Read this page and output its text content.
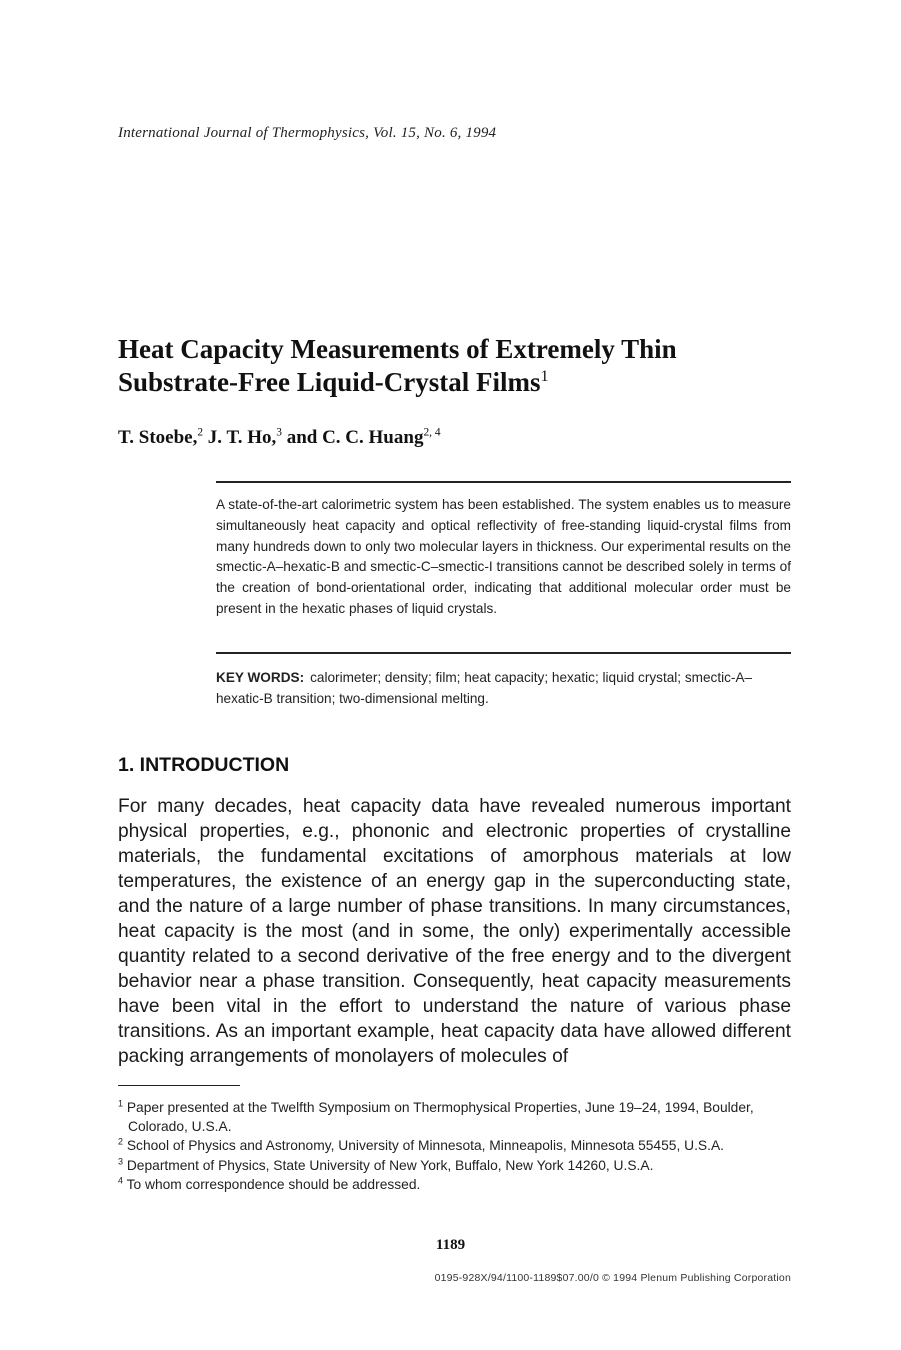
International Journal of Thermophysics, Vol. 15, No. 6, 1994
Heat Capacity Measurements of Extremely Thin
Substrate-Free Liquid-Crystal Films$^1$
T. Stoebe,$^2$ J. T. Ho,$^3$ and C. C. Huang$^{2, 4}$
A state-of-the-art calorimetric system has been established. The system enables us to measure simultaneously heat capacity and optical reflectivity of free-standing liquid-crystal films from many hundreds down to only two molecular layers in thickness. Our experimental results on the smectic-A–hexatic-B and smectic-C–smectic-I transitions cannot be described solely in terms of the creation of bond-orientational order, indicating that additional molecular order must be present in the hexatic phases of liquid crystals.
KEY WORDS: calorimeter; density; film; heat capacity; hexatic; liquid crystal; smectic-A–hexatic-B transition; two-dimensional melting.
1. INTRODUCTION
For many decades, heat capacity data have revealed numerous important physical properties, e.g., phononic and electronic properties of crystalline materials, the fundamental excitations of amorphous materials at low temperatures, the existence of an energy gap in the superconducting state, and the nature of a large number of phase transitions. In many circumstances, heat capacity is the most (and in some, the only) experimentally accessible quantity related to a second derivative of the free energy and to the divergent behavior near a phase transition. Consequently, heat capacity measurements have been vital in the effort to understand the nature of various phase transitions. As an important example, heat capacity data have allowed different packing arrangements of monolayers of molecules of
$^1$ Paper presented at the Twelfth Symposium on Thermophysical Properties, June 19–24, 1994, Boulder, Colorado, U.S.A.
$^2$ School of Physics and Astronomy, University of Minnesota, Minneapolis, Minnesota 55455, U.S.A.
$^3$ Department of Physics, State University of New York, Buffalo, New York 14260, U.S.A.
$^4$ To whom correspondence should be addressed.
1189
0195-928X/94/1100-1189$07.00/0 © 1994 Plenum Publishing Corporation
